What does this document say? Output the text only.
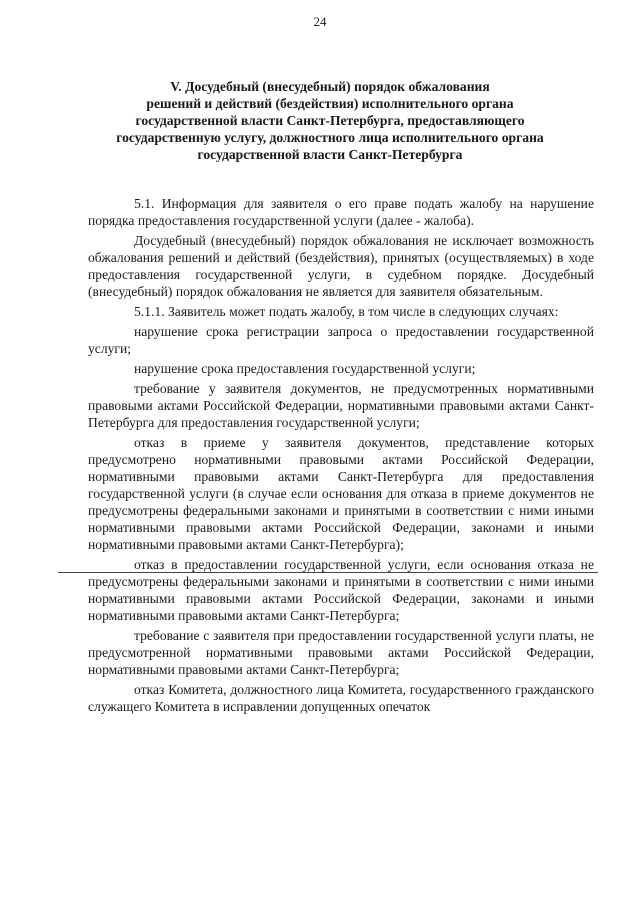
24
V. Досудебный (внесудебный) порядок обжалования
решений и действий (бездействия) исполнительного органа
государственной власти Санкт-Петербурга, предоставляющего
государственную услугу, должностного лица исполнительного органа
государственной власти Санкт-Петербурга

5.1. Информация для заявителя о его праве подать жалобу на нарушение порядка предоставления государственной услуги (далее - жалоба).

Досудебный (внесудебный) порядок обжалования не исключает возможность обжалования решений и действий (бездействия), принятых (осуществляемых) в ходе предоставления государственной услуги, в судебном порядке. Досудебный (внесудебный) порядок обжалования не является для заявителя обязательным.

5.1.1. Заявитель может подать жалобу, в том числе в следующих случаях:

нарушение срока регистрации запроса о предоставлении государственной услуги;

нарушение срока предоставления государственной услуги;

требование у заявителя документов, не предусмотренных нормативными правовыми актами Российской Федерации, нормативными правовыми актами Санкт-Петербурга для предоставления государственной услуги;

отказ в приеме у заявителя документов, представление которых предусмотрено нормативными правовыми актами Российской Федерации, нормативными правовыми актами Санкт-Петербурга для предоставления государственной услуги (в случае если основания для отказа в приеме документов не предусмотрены федеральными законами и принятыми в соответствии с ними иными нормативными правовыми актами Российской Федерации, законами и иными нормативными правовыми актами Санкт-Петербурга);

отказ в предоставлении государственной услуги, если основания отказа не предусмотрены федеральными законами и принятыми в соответствии с ними иными нормативными правовыми актами Российской Федерации, законами и иными нормативными правовыми актами Санкт-Петербурга;

требование с заявителя при предоставлении государственной услуги платы, не предусмотренной нормативными правовыми актами Российской Федерации, нормативными правовыми актами Санкт-Петербурга;

отказ Комитета, должностного лица Комитета, государственного гражданского служащего Комитета в исправлении допущенных опечаток
